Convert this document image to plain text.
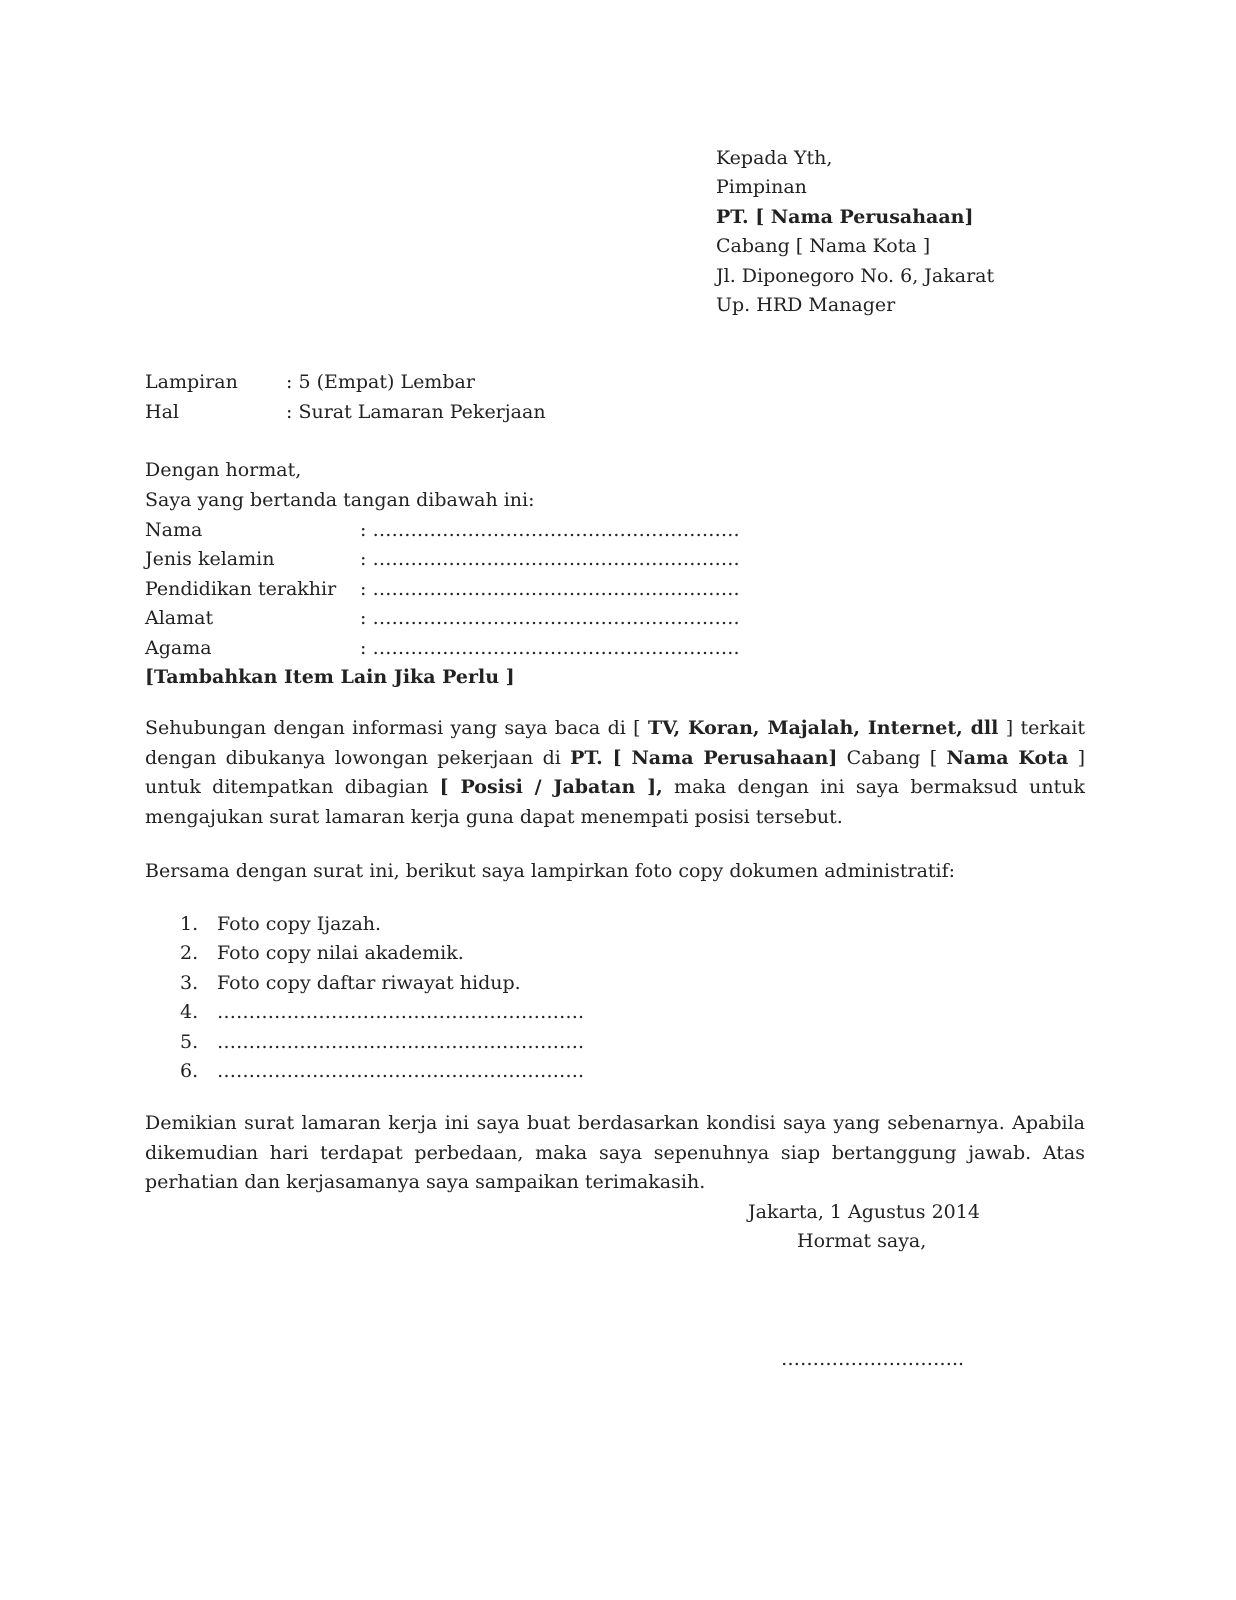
Kepada Yth,

Pimpinan

PT. [ Nama Perusahaan]

Cabang [ Nama Kota ]

Jl. Diponegoro No. 6, Jakarat

Up. HRD Manager

Lampiran	: 5 (Empat) Lembar
Hal	: Surat Lamaran Pekerjaan

Dengan hormat,

Saya yang bertanda tangan dibawah ini:

Nama	: ………………………………………………….
Jenis kelamin	: ………………………………………………….
Pendidikan terakhir : ………………………………………………….
Alamat	: ………………………………………………….
Agama	: ………………………………………………….

[Tambahkan Item Lain Jika Perlu ]

Sehubungan dengan informasi yang saya baca di [ TV, Koran, Majalah, Internet, dll ] terkait dengan dibukanya lowongan pekerjaan di PT. [ Nama Perusahaan] Cabang [ Nama Kota ] untuk ditempatkan dibagian [ Posisi / Jabatan ], maka dengan ini saya bermaksud untuk mengajukan surat lamaran kerja guna dapat menempati posisi tersebut.

Bersama dengan surat ini, berikut saya lampirkan foto copy dokumen administratif:

1. Foto copy Ijazah.
2. Foto copy nilai akademik.
3. Foto copy daftar riwayat hidup.
4. ………………………………………………….
5. ………………………………………………….
6. ………………………………………………….

Demikian surat lamaran kerja ini saya buat berdasarkan kondisi saya yang sebenarnya. Apabila dikemudian hari terdapat perbedaan, maka saya sepenuhnya siap bertanggung jawab. Atas perhatian dan kerjasamanya saya sampaikan terimakasih.

Jakarta, 1 Agustus 2014

Hormat saya,

………………………..
